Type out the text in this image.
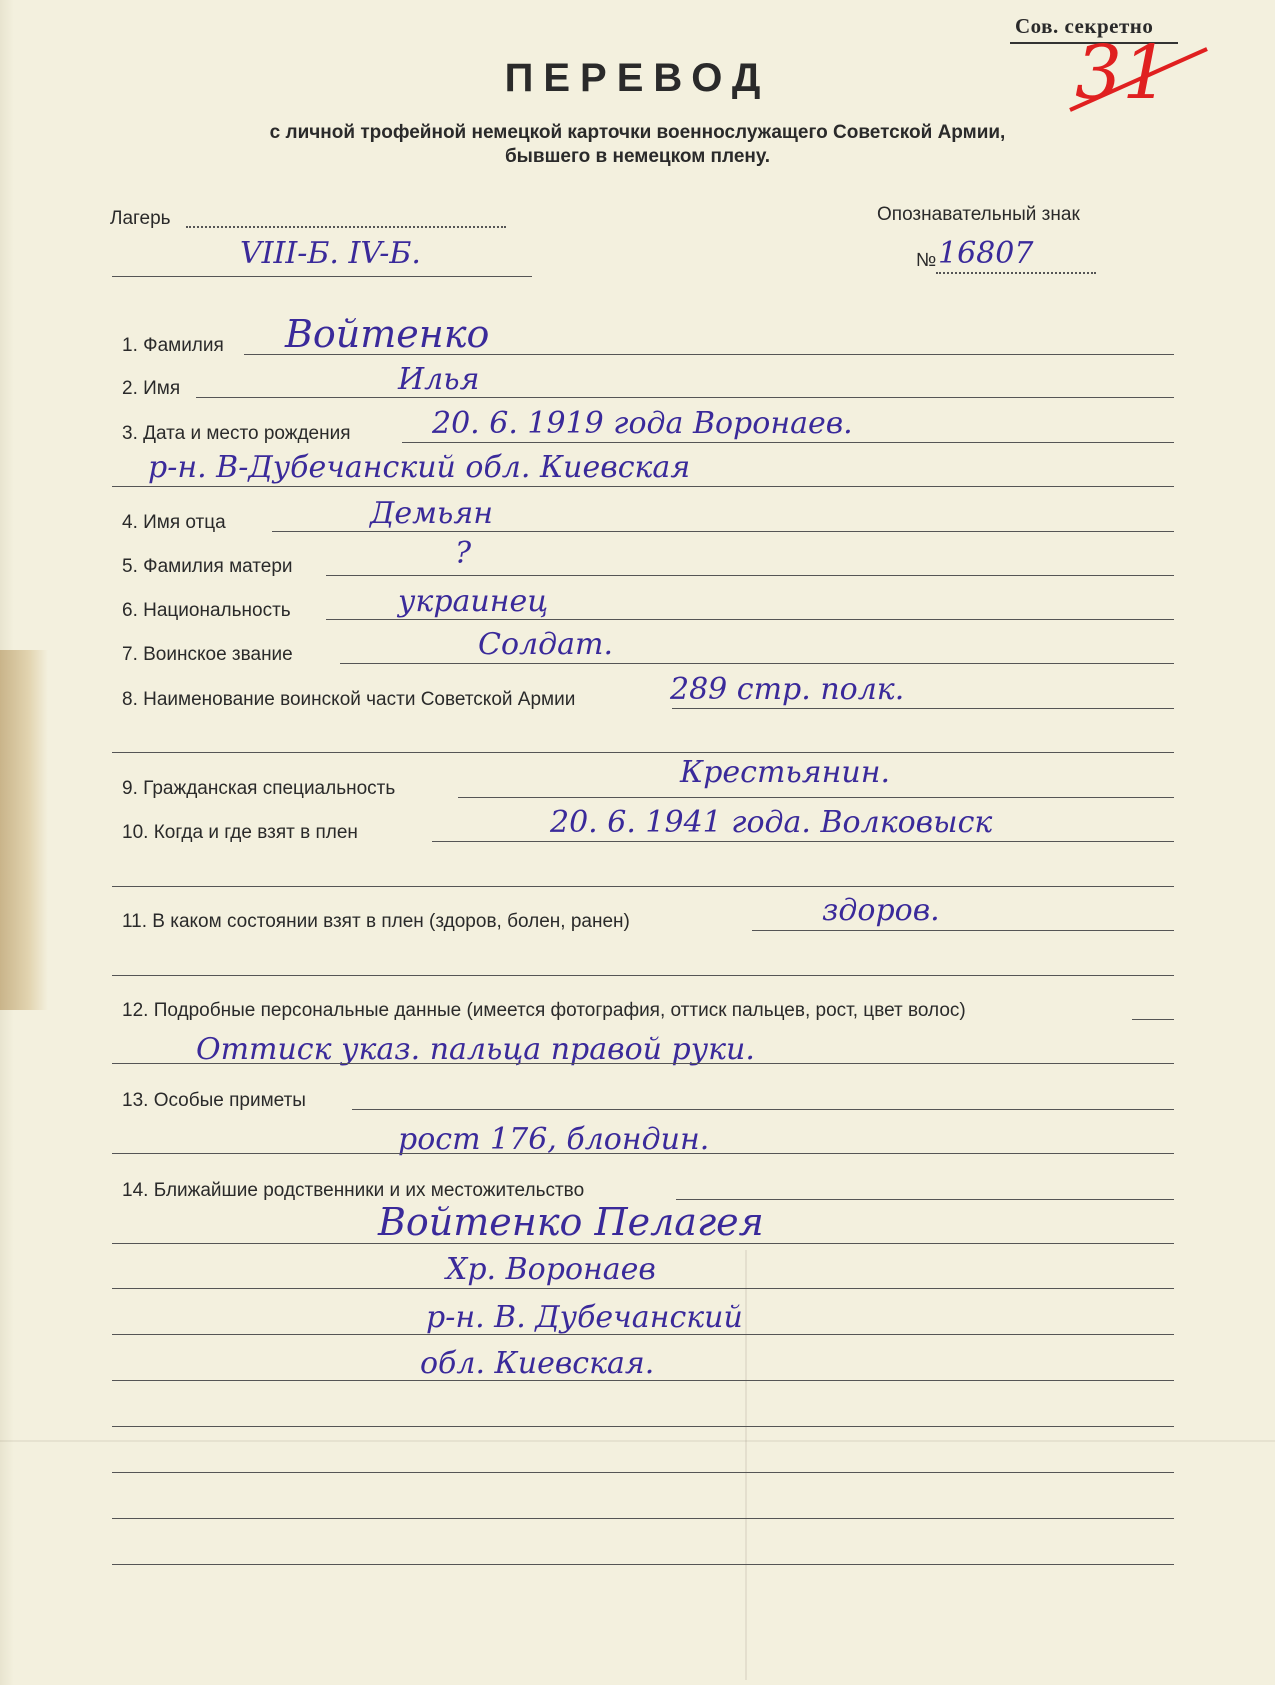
Сов. секретно
31
ПЕРЕВОД
с личной трофейной немецкой карточки военнослужащего Советской Армии,
бывшего в немецком плену.
Лагерь	Опознавательный знак
VIII-Б. IV-Б.	№ 16807
1. Фамилия Войтенко
2. Имя	Илья
3. Дата и место рождения	20. 6. 1919 года Воронаев.
р-н. В-Дубечанский обл. Киевская
4. Имя отца	Демьян
5. Фамилия матери	?
6. Национальность	украинец
7. Воинское звание	Солдат.
8. Наименование воинской части Советской Армии	289 стр. полк.
9. Гражданская специальность	Крестьянин.
10. Когда и где взят в плен	20. 6. 1941 года. Волковыск
11. В каком состоянии взят в плен (здоров, болен, ранен)	здоров.
12. Подробные персональные данные (имеется фотография, оттиск пальцев, рост, цвет волос)
Оттиск указ. пальца правой руки.
13. Особые приметы
рост 176, блондин.
14. Ближайшие родственники и их местожительство
Войтенко Пелагея
Хр. Воронаев
р-н. В. Дубечанский
обл. Киевская.
